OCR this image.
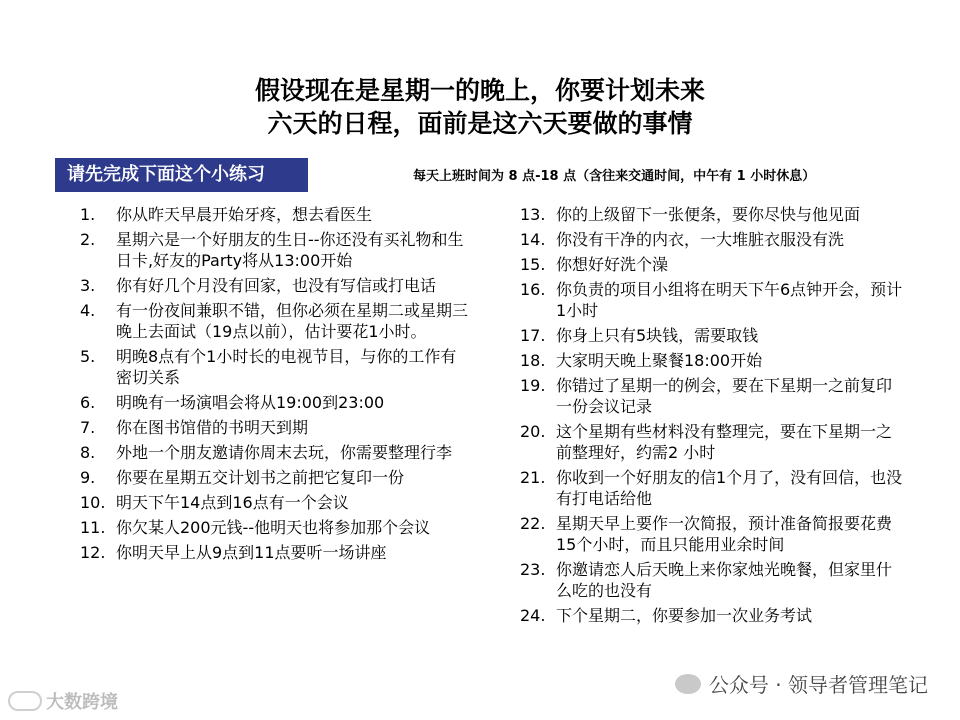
假设现在是星期一的晚上，你要计划未来
六天的日程，面前是这六天要做的事情
请先完成下面这个小练习	每天上班时间为 8 点-18 点（含往来交通时间，中午有 1 小时休息）
1.	你从昨天早晨开始牙疼，想去看医生
2.	星期六是一个好朋友的生日--你还没有买礼物和生日卡,好友的Party将从13:00开始
3.	你有好几个月没有回家，也没有写信或打电话
4.	有一份夜间兼职不错，但你必须在星期二或星期三晚上去面试（19点以前），估计要花1小时。
5.	明晚8点有个1小时长的电视节目，与你的工作有密切关系
6.	明晚有一场演唱会将从19:00到23:00
7.	你在图书馆借的书明天到期
8.	外地一个朋友邀请你周末去玩，你需要整理行李
9.	你要在星期五交计划书之前把它复印一份
10. 明天下午14点到16点有一个会议
11. 你欠某人200元钱--他明天也将参加那个会议
12. 你明天早上从9点到11点要听一场讲座
13. 你的上级留下一张便条，要你尽快与他见面
14. 你没有干净的内衣，一大堆脏衣服没有洗
15. 你想好好洗个澡
16. 你负责的项目小组将在明天下午6点钟开会，预计1小时
17. 你身上只有5块钱，需要取钱
18. 大家明天晚上聚餐18:00开始
19. 你错过了星期一的例会，要在下星期一之前复印一份会议记录
20. 这个星期有些材料没有整理完，要在下星期一之前整理好，约需2 小时
21. 你收到一个好朋友的信1个月了，没有回信，也没有打电话给他
22. 星期天早上要作一次简报，预计准备简报要花费15个小时，而且只能用业余时间
23. 你邀请恋人后天晚上来你家烛光晚餐，但家里什么吃的也没有
24. 下个星期二，你要参加一次业务考试
公众号 · 领导者管理笔记
大数跨境
